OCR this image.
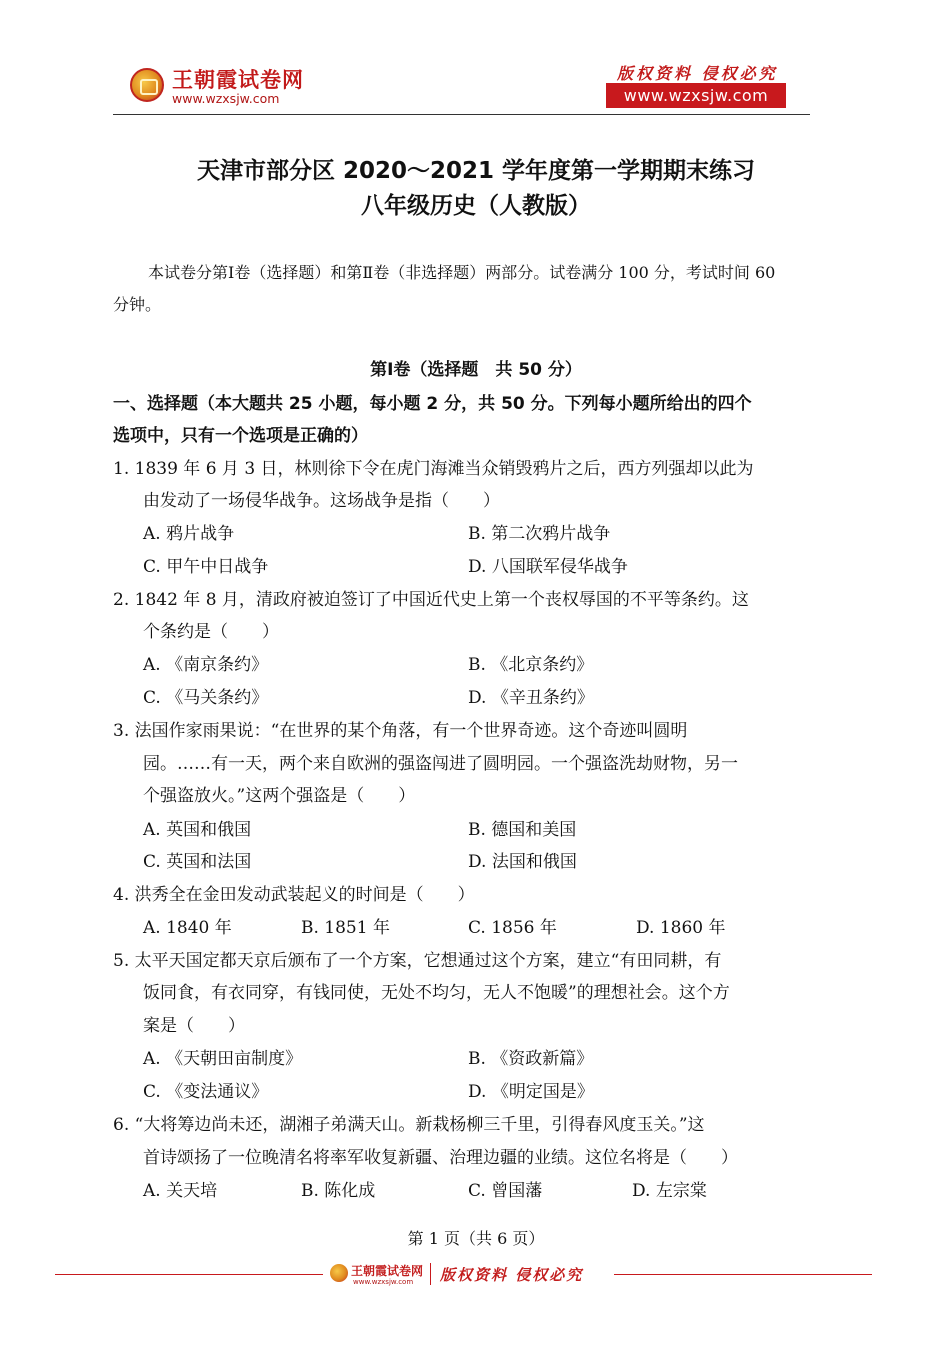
王朝霞试卷网
www.wzxsjw.com
版权资料 侵权必究
www.wzxsjw.com
天津市部分区 2020～2021 学年度第一学期期末练习
八年级历史（人教版）
本试卷分第Ⅰ卷（选择题）和第Ⅱ卷（非选择题）两部分。试卷满分 100 分，考试时间 60
分钟。
第Ⅰ卷（选择题　共 50 分）
一、选择题（本大题共 25 小题，每小题 2 分，共 50 分。下列每小题所给出的四个
选项中，只有一个选项是正确的）
1. 1839 年 6 月 3 日，林则徐下令在虎门海滩当众销毁鸦片之后，西方列强却以此为
由发动了一场侵华战争。这场战争是指（　　）
A. 鸦片战争	B. 第二次鸦片战争
C. 甲午中日战争	D. 八国联军侵华战争
2. 1842 年 8 月，清政府被迫签订了中国近代史上第一个丧权辱国的不平等条约。这
个条约是（　　）
A. 《南京条约》	B. 《北京条约》
C. 《马关条约》	D. 《辛丑条约》
3. 法国作家雨果说：“在世界的某个角落，有一个世界奇迹。这个奇迹叫圆明
园。……有一天，两个来自欧洲的强盗闯进了圆明园。一个强盗洗劫财物，另一
个强盗放火。”这两个强盗是（　　）
A. 英国和俄国	B. 德国和美国
C. 英国和法国	D. 法国和俄国
4. 洪秀全在金田发动武装起义的时间是（　　）
A. 1840 年	B. 1851 年	C. 1856 年	D. 1860 年
5. 太平天国定都天京后颁布了一个方案，它想通过这个方案，建立“有田同耕，有
饭同食，有衣同穿，有钱同使，无处不均匀，无人不饱暖”的理想社会。这个方
案是（　　）
A. 《天朝田亩制度》	B. 《资政新篇》
C. 《变法通议》	D. 《明定国是》
6. “大将筹边尚未还，湖湘子弟满天山。新栽杨柳三千里，引得春风度玉关。”这
首诗颂扬了一位晚清名将率军收复新疆、治理边疆的业绩。这位名将是（　　）
A. 关天培	B. 陈化成	C. 曾国藩	D. 左宗棠
第 1 页（共 6 页）
王朝霞试卷网
www.wzxsjw.com 版权资料 侵权必究
